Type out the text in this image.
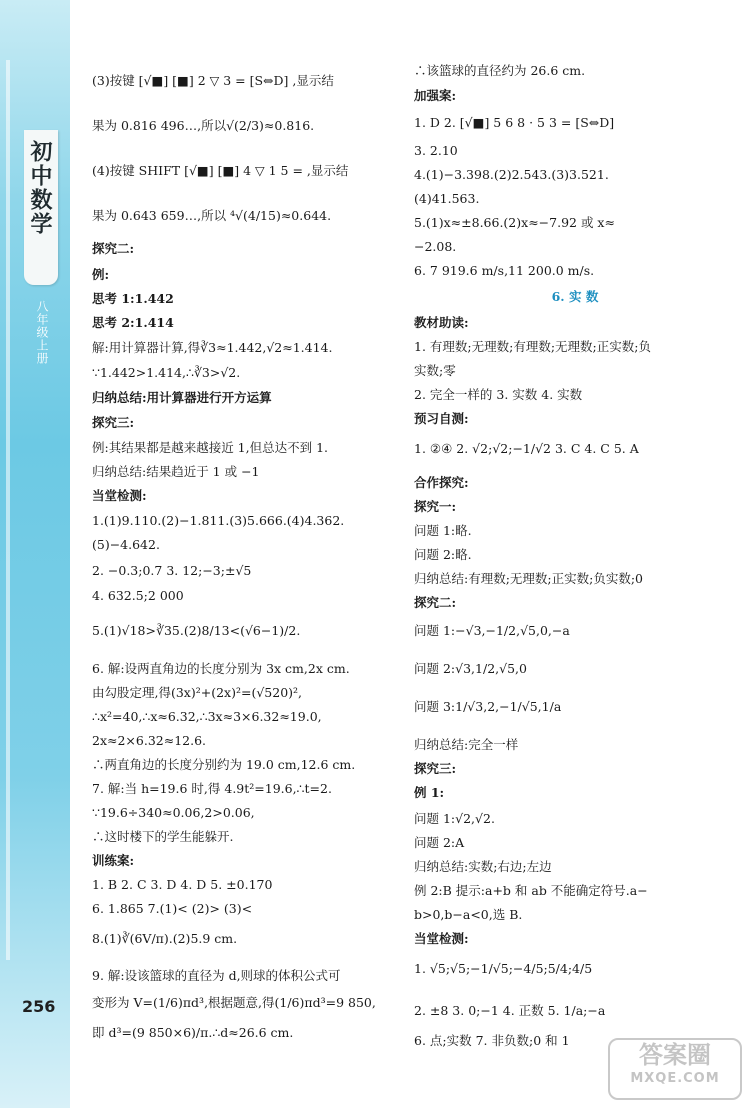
初中数学
八年级上册
256

(3)按键 [√■] [■] 2 ▽ 3 = [S⇔D] ,显示结

果为 0.816 496…,所以√(2/3)≈0.816.

(4)按键 SHIFT [√■] [■] 4 ▽ 1 5 = ,显示结

果为 0.643 659…,所以 ⁴√(4/15)≈0.644.

探究二:

例:

思考 1:1.442

思考 2:1.414

解:用计算器计算,得∛3≈1.442,√2≈1.414.

∵1.442>1.414,∴∛3>√2.

归纳总结:用计算器进行开方运算

探究三:

例:其结果都是越来越接近 1,但总达不到 1.

归纳总结:结果趋近于 1 或 −1

当堂检测:

1.(1)9.110.(2)−1.811.(3)5.666.(4)4.362.

(5)−4.642.

2. −0.3;0.7 3. 12;−3;±√5

4. 632.5;2 000

5.(1)√18>∛35.(2)8/13<(√6−1)/2.

6. 解:设两直角边的长度分别为 3x cm,2x cm.

由勾股定理,得(3x)²+(2x)²=(√520)²,

∴x²=40,∴x≈6.32,∴3x≈3×6.32≈19.0,

2x≈2×6.32≈12.6.

∴两直角边的长度分别约为 19.0 cm,12.6 cm.

7. 解:当 h=19.6 时,得 4.9t²=19.6,∴t=2.

∵19.6÷340≈0.06,2>0.06,

∴这时楼下的学生能躲开.

训练案:

1. B 2. C 3. D 4. D 5. ±0.170

6. 1.865 7.(1)< (2)> (3)<

8.(1)∛(6V/π).(2)5.9 cm.

9. 解:设该篮球的直径为 d,则球的体积公式可

变形为 V=(1/6)πd³,根据题意,得(1/6)πd³=9 850,

即 d³=(9 850×6)/π.∴d≈26.6 cm.

∴该篮球的直径约为 26.6 cm.

加强案:

1. D 2. [√■] 5 6 8 · 5 3 = [S⇔D]

3. 2.10

4.(1)−3.398.(2)2.543.(3)3.521.

(4)41.563.

5.(1)x≈±8.66.(2)x≈−7.92 或 x≈

−2.08.

6. 7 919.6 m/s,11 200.0 m/s.

6. 实 数

教材助读:

1. 有理数;无理数;有理数;无理数;正实数;负

实数;零

2. 完全一样的 3. 实数 4. 实数

预习自测:

1. ②④ 2. √2;√2;−1/√2 3. C 4. C 5. A

合作探究:

探究一:

问题 1:略.

问题 2:略.

归纳总结:有理数;无理数;正实数;负实数;0

探究二:

问题 1:−√3,−1/2,√5,0,−a

问题 2:√3,1/2,√5,0

问题 3:1/√3,2,−1/√5,1/a

归纳总结:完全一样

探究三:

例 1:

问题 1:√2,√2.

问题 2:A

归纳总结:实数;右边;左边

例 2:B 提示:a+b 和 ab 不能确定符号.a−

b>0,b−a<0,选 B.

当堂检测:

1. √5;√5;−1/√5;−4/5;5/4;4/5

2. ±8 3. 0;−1 4. 正数 5. 1/a;−a

6. 点;实数 7. 非负数;0 和 1

答案圈
MXQE.COM
